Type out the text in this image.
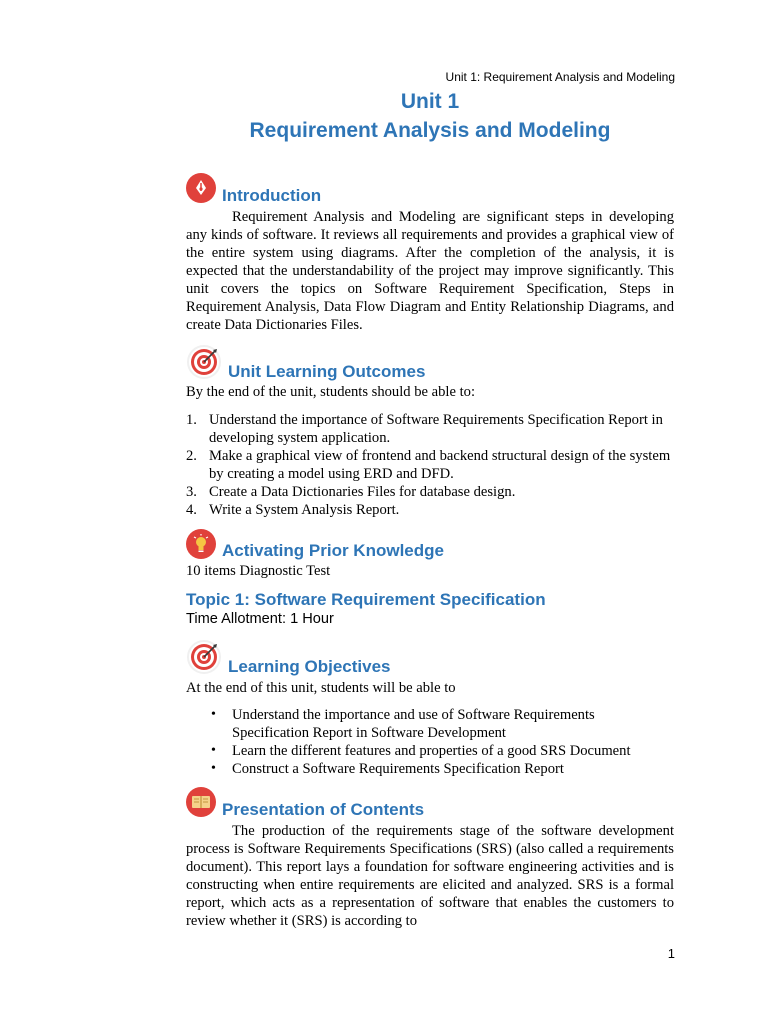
Unit 1: Requirement Analysis and Modeling
Unit 1
Requirement Analysis and Modeling
Introduction
Requirement Analysis and Modeling are significant steps in developing any kinds of software. It reviews all requirements and provides a graphical view of the entire system using diagrams. After the completion of the analysis, it is expected that the understandability of the project may improve significantly. This unit covers the topics on Software Requirement Specification, Steps in Requirement Analysis, Data Flow Diagram and Entity Relationship Diagrams, and create Data Dictionaries Files.
Unit Learning Outcomes
By the end of the unit, students should be able to:
1. Understand the importance of Software Requirements Specification Report in developing system application.
2. Make a graphical view of frontend and backend structural design of the system by creating a model using ERD and DFD.
3. Create a Data Dictionaries Files for database design.
4. Write a System Analysis Report.
Activating Prior Knowledge
10 items Diagnostic Test
Topic 1: Software Requirement Specification
Time Allotment: 1 Hour
Learning Objectives
At the end of this unit, students will be able to
• Understand the importance and use of Software Requirements Specification Report in Software Development
• Learn the different features and properties of a good SRS Document
• Construct a Software Requirements Specification Report
Presentation of Contents
The production of the requirements stage of the software development process is Software Requirements Specifications (SRS) (also called a requirements document). This report lays a foundation for software engineering activities and is constructing when entire requirements are elicited and analyzed. SRS is a formal report, which acts as a representation of software that enables the customers to review whether it (SRS) is according to
1
